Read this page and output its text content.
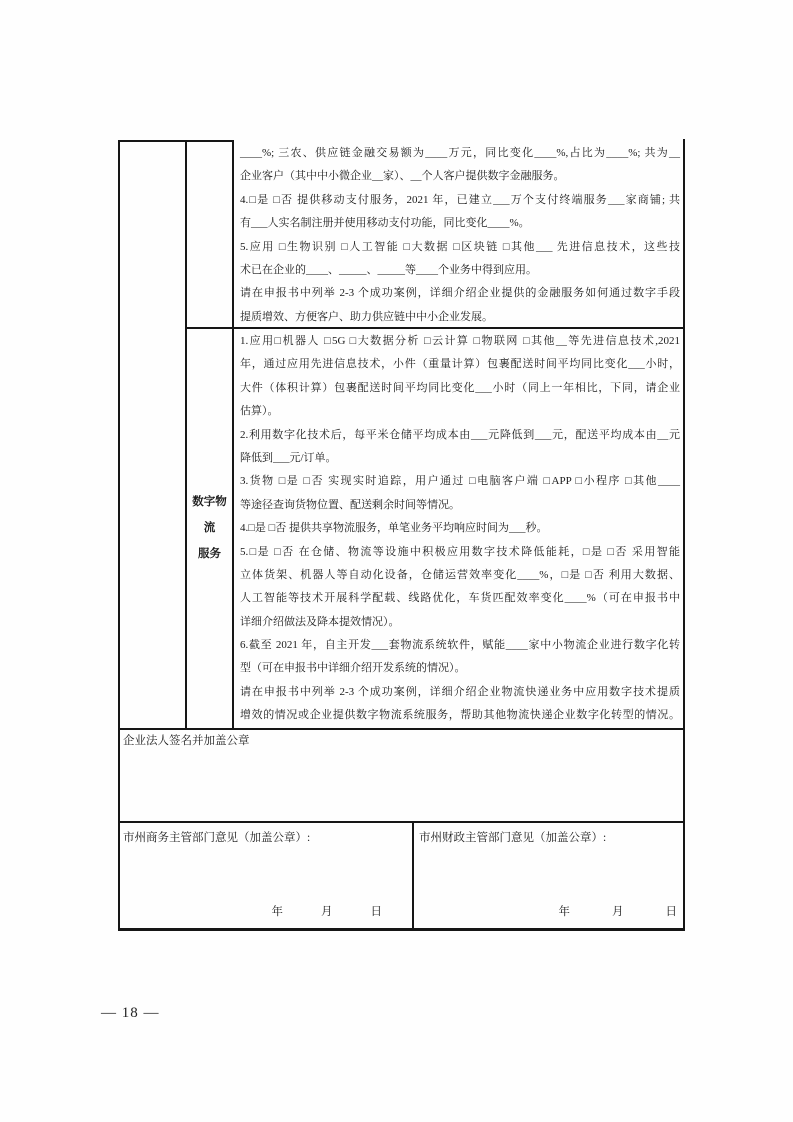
____%; 三农、供应链金融交易额为____万元，同比变化____%,占比为____%; 共为__
企业客户（其中中小微企业__家）、__个人客户提供数字金融服务。
4.□是 □否 提供移动支付服务，2021 年，已建立___万个支付终端服务___家商铺; 共
有___人实名制注册并使用移动支付功能，同比变化____%。
5.应用 □生物识别 □人工智能 □大数据 □区块链 □其他___ 先进信息技术，这些技
术已在企业的____、_____、_____等____个业务中得到应用。
请在申报书中列举 2-3 个成功案例，详细介绍企业提供的金融服务如何通过数字手段
提质增效、方便客户、助力供应链中中小企业发展。
数字物流
服务
1.应用□机器人 □5G □大数据分析 □云计算 □物联网 □其他__等先进信息技术,2021
年，通过应用先进信息技术，小件（重量计算）包裹配送时间平均同比变化___小时，
大件（体积计算）包裹配送时间平均同比变化___小时（同上一年相比，下同，请企业
估算）。
2.利用数字化技术后，每平米仓储平均成本由___元降低到___元，配送平均成本由__元
降低到___元/订单。
3.货物 □是 □否 实现实时追踪，用户通过 □电脑客户端 □APP □小程序 □其他____
等途径查询货物位置、配送剩余时间等情况。
4.□是 □否 提供共享物流服务，单笔业务平均响应时间为___秒。
5.□是 □否 在仓储、物流等设施中积极应用数字技术降低能耗，□是 □否 采用智能
立体货架、机器人等自动化设备，仓储运营效率变化____%，□是 □否 利用大数据、
人工智能等技术开展科学配载、线路优化，车货匹配效率变化____%（可在申报书中
详细介绍做法及降本提效情况）。
6.截至 2021 年，自主开发___套物流系统软件，赋能____家中小物流企业进行数字化转
型（可在申报书中详细介绍开发系统的情况）。
请在申报书中列举 2-3 个成功案例，详细介绍企业物流快递业务中应用数字技术提质
增效的情况或企业提供数字物流系统服务，帮助其他物流快递企业数字化转型的情况。
企业法人签名并加盖公章
市州商务主管部门意见（加盖公章）:
年	月	日
市州财政主管部门意见（加盖公章）:
年	月	日
— 18 —
